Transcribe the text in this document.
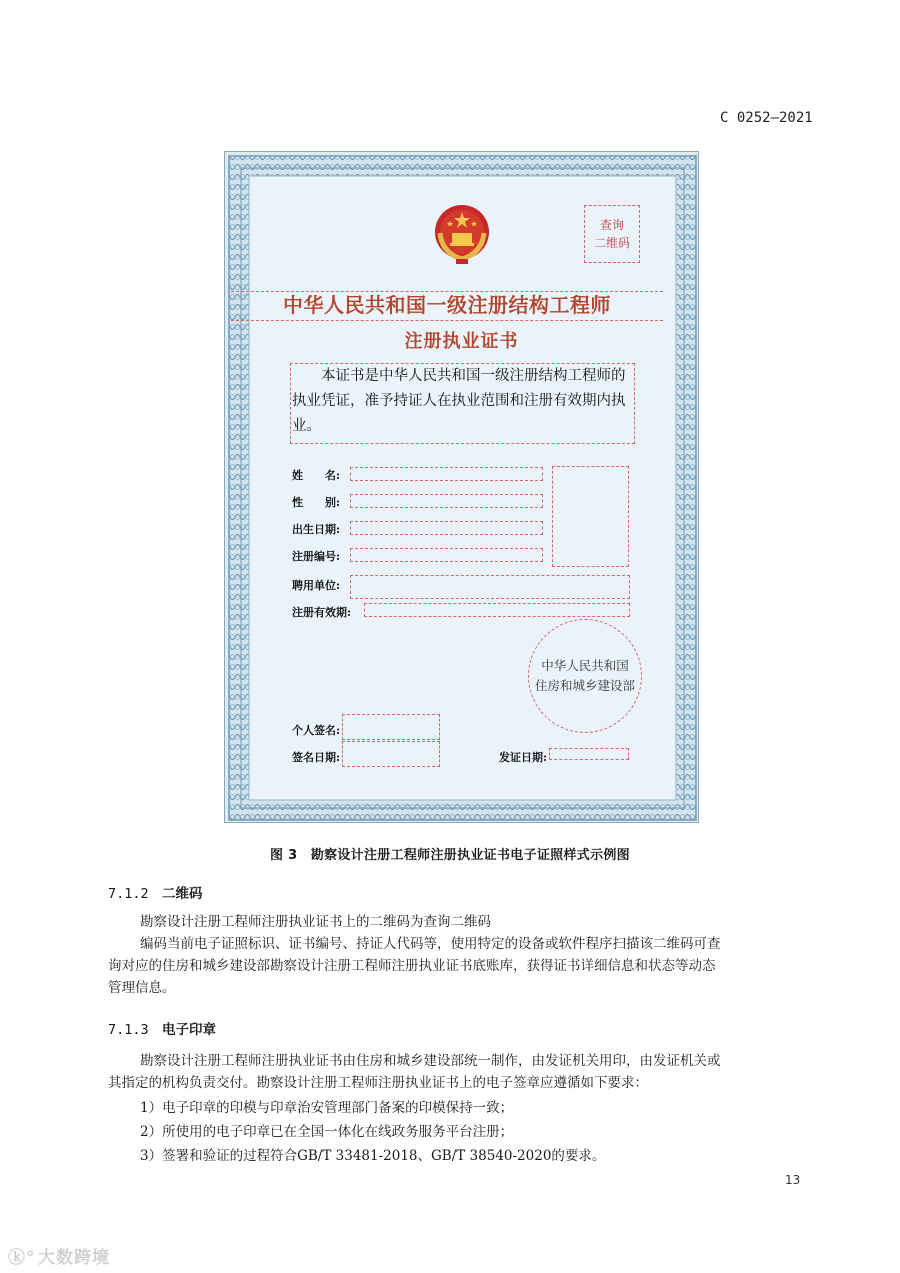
C 0252—2021
查询
二维码
中华人民共和国一级注册结构工程师
注册执业证书

本证书是中华人民共和国一级注册结构工程师的执业凭证，准予持证人在执业范围和注册有效期内执业。

姓　　名:
性　　别:
出生日期:
注册编号:
聘用单位:
注册有效期:
中华人民共和国
住房和城乡建设部
个人签名:
签名日期:	发证日期:
图 3　勘察设计注册工程师注册执业证书电子证照样式示例图
7.1.2 二维码
勘察设计注册工程师注册执业证书上的二维码为查询二维码
编码当前电子证照标识、证书编号、持证人代码等，使用特定的设备或软件程序扫描该二维码可查
询对应的住房和城乡建设部勘察设计注册工程师注册执业证书底账库，获得证书详细信息和状态等动态
管理信息。
7.1.3 电子印章
勘察设计注册工程师注册执业证书由住房和城乡建设部统一制作，由发证机关用印，由发证机关或
其指定的机构负责交付。勘察设计注册工程师注册执业证书上的电子签章应遵循如下要求：
1）电子印章的印模与印章治安管理部门备案的印模保持一致；
2）所使用的电子印章已在全国一体化在线政务服务平台注册；
3）签署和验证的过程符合GB/T 33481-2018、GB/T 38540-2020的要求。
13
ⓚ° 大数跨境
